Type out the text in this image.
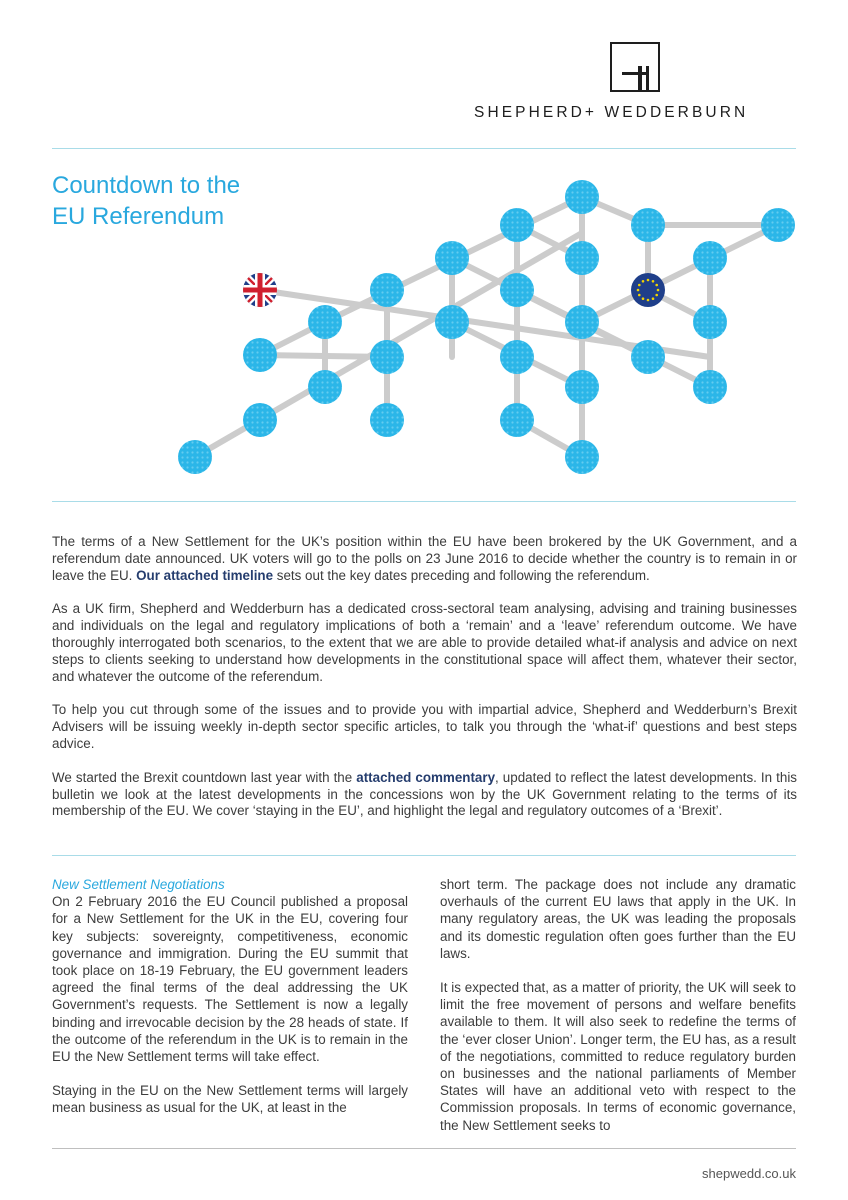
SHEPHERD+ WEDDERBURN
Countdown to the
EU Referendum

The terms of a New Settlement for the UK’s position within the EU have been brokered by the UK Government, and a referendum date announced. UK voters will go to the polls on 23 June 2016 to decide whether the country is to remain in or leave the EU. Our attached timeline sets out the key dates preceding and following the referendum.

As a UK firm, Shepherd and Wedderburn has a dedicated cross-sectoral team analysing, advising and training businesses and individuals on the legal and regulatory implications of both a ‘remain’ and a ‘leave’ referendum outcome. We have thoroughly interrogated both scenarios, to the extent that we are able to provide detailed what-if analysis and advice on next steps to clients seeking to understand how developments in the constitutional space will affect them, whatever their sector, and whatever the outcome of the referendum.

To help you cut through some of the issues and to provide you with impartial advice, Shepherd and Wedderburn’s Brexit Advisers will be issuing weekly in-depth sector specific articles, to talk you through the ‘what-if’ questions and best steps advice.

We started the Brexit countdown last year with the attached commentary, updated to reflect the latest developments. In this bulletin we look at the latest developments in the concessions won by the UK Government relating to the terms of its membership of the EU. We cover ‘staying in the EU’, and highlight the legal and regulatory outcomes of a ‘Brexit’.

New Settlement Negotiations

On 2 February 2016 the EU Council published a proposal for a New Settlement for the UK in the EU, covering four key subjects: sovereignty, competitiveness, economic governance and immigration. During the EU summit that took place on 18-19 February, the EU government leaders agreed the final terms of the deal addressing the UK Government’s requests. The Settlement is now a legally binding and irrevocable decision by the 28 heads of state. If the outcome of the referendum in the UK is to remain in the EU the New Settlement terms will take effect.

Staying in the EU on the New Settlement terms will largely mean business as usual for the UK, at least in the

short term. The package does not include any dramatic overhauls of the current EU laws that apply in the UK. In many regulatory areas, the UK was leading the proposals and its domestic regulation often goes further than the EU laws.

It is expected that, as a matter of priority, the UK will seek to limit the free movement of persons and welfare benefits available to them. It will also seek to redefine the terms of the ‘ever closer Union’. Longer term, the EU has, as a result of the negotiations, committed to reduce regulatory burden on businesses and the national parliaments of Member States will have an additional veto with respect to the Commission proposals. In terms of economic governance, the New Settlement seeks to

shepwedd.co.uk
